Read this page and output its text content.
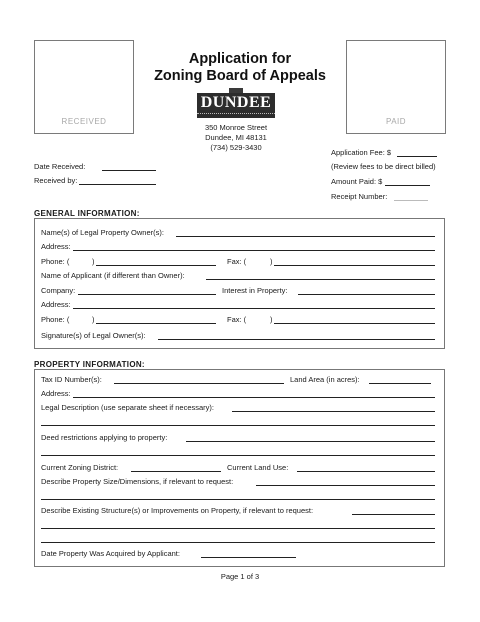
RECEIVED	PAID
Application for
Zoning Board of Appeals
DUNDEE
350 Monroe Street
Dundee, MI 48131
(734) 529-3430
Date Received:
Received by:
Application Fee: $
(Review fees to be direct billed)
Amount Paid: $
Receipt Number:
GENERAL INFORMATION:
Name(s) of Legal Property Owner(s):
Address:
Phone: (	)	Fax: (	)
Name of Applicant (if different than Owner):
Company:	Interest in Property:
Address:
Phone: (	)	Fax: (	)
Signature(s) of Legal Owner(s):
PROPERTY INFORMATION:
Tax ID Number(s):	Land Area (in acres):
Address:
Legal Description (use separate sheet if necessary):
Deed restrictions applying to property:
Current Zoning District:	Current Land Use:
Describe Property Size/Dimensions, if relevant to request:
Describe Existing Structure(s) or Improvements on Property, if relevant to request:
Date Property Was Acquired by Applicant:
Page 1 of 3
